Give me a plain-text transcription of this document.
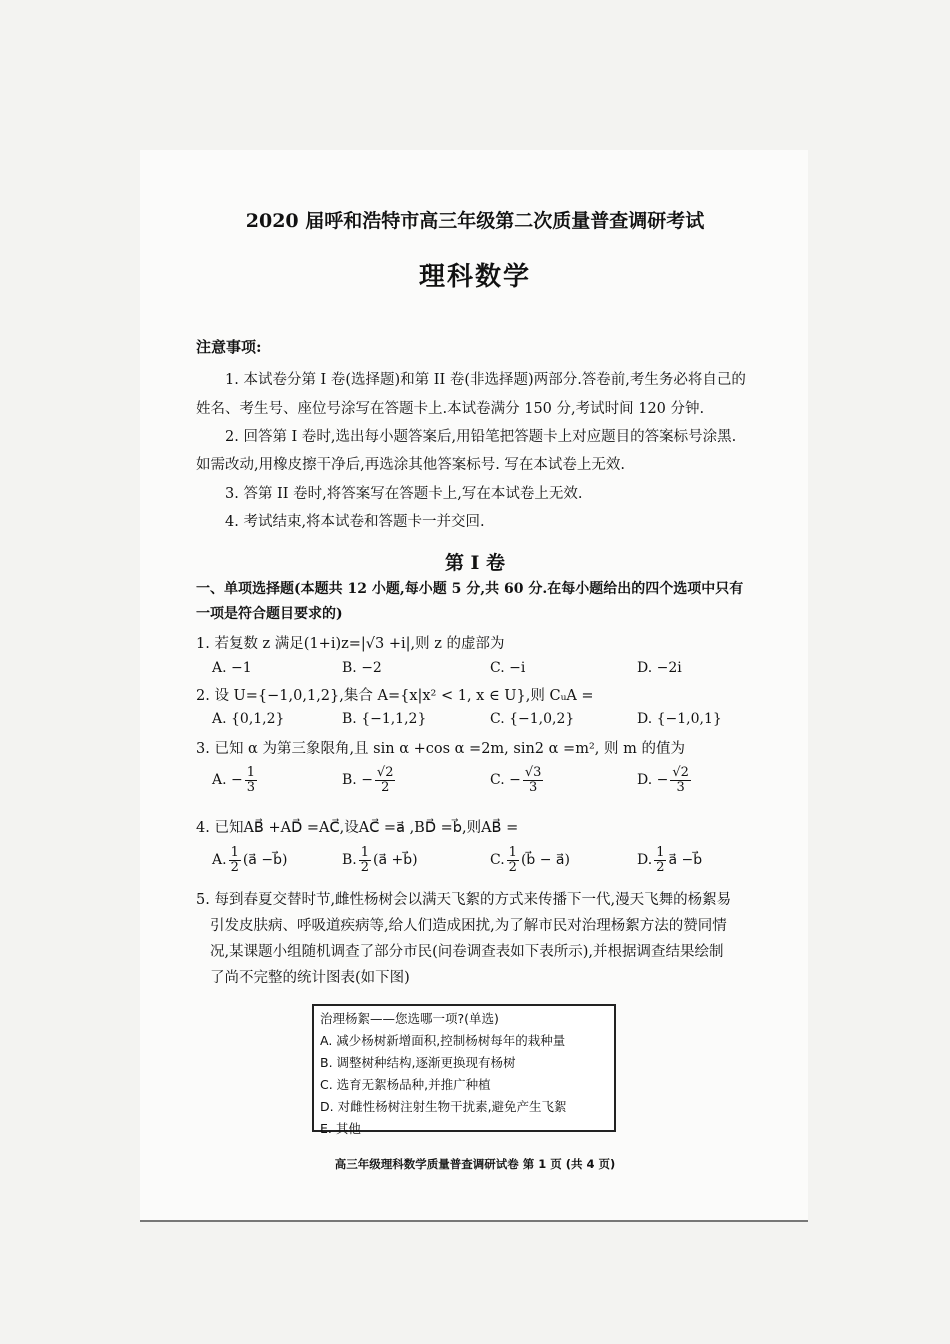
2020 届呼和浩特市高三年级第二次质量普查调研考试
理科数学
注意事项:
1. 本试卷分第 I 卷(选择题)和第 II 卷(非选择题)两部分.答卷前,考生务必将自己的
姓名、考生号、座位号涂写在答题卡上.本试卷满分 150 分,考试时间 120 分钟.
2. 回答第 I 卷时,选出每小题答案后,用铅笔把答题卡上对应题目的答案标号涂黑.
如需改动,用橡皮擦干净后,再选涂其他答案标号. 写在本试卷上无效.
3. 答第 II 卷时,将答案写在答题卡上,写在本试卷上无效.
4. 考试结束,将本试卷和答题卡一并交回.
第 I 卷
一、单项选择题(本题共 12 小题,每小题 5 分,共 60 分.在每小题给出的四个选项中只有
一项是符合题目要求的)
1. 若复数 z 满足(1+i)z=|√3 +i|,则 z 的虚部为
A. −1	B. −2	C. −i	D. −2i
2. 设 U={−1,0,1,2},集合 A={x|x² < 1, x ∈ U},则 CᵤA =
A. {0,1,2}	B. {−1,1,2}	C. {−1,0,2}	D. {−1,0,1}
3. 已知 α 为第三象限角,且 sin α +cos α =2m, sin2 α =m², 则 m 的值为
A. − $\frac{1}{3}$	B. − $\frac{√2}{2}$	C. − $\frac{√3}{3}$	D. − $\frac{√2}{3}$
4. 已知AB⃗ +AD⃗ =AC⃗,设AC⃗ =a⃗ ,BD⃗ =b⃗,则AB⃗ =
A. $\frac{1}{2}$ (a⃗ −b⃗)	B. $\frac{1}{2}$ (a⃗ +b⃗)	C. $\frac{1}{2}$ (b⃗ − a⃗)	D. $\frac{1}{2}$ a⃗ −b⃗
5. 每到春夏交替时节,雌性杨树会以满天飞絮的方式来传播下一代,漫天飞舞的杨絮易
引发皮肤病、呼吸道疾病等,给人们造成困扰,为了解市民对治理杨絮方法的赞同情
况,某课题小组随机调查了部分市民(问卷调查表如下表所示),并根据调查结果绘制
了尚不完整的统计图表(如下图)
治理杨絮——您选哪一项?(单选)
A. 减少杨树新增面积,控制杨树每年的栽种量
B. 调整树种结构,逐渐更换现有杨树
C. 选育无絮杨品种,并推广种植
D. 对雌性杨树注射生物干扰素,避免产生飞絮
E. 其他
高三年级理科数学质量普查调研试卷 第 1 页 (共 4 页)
